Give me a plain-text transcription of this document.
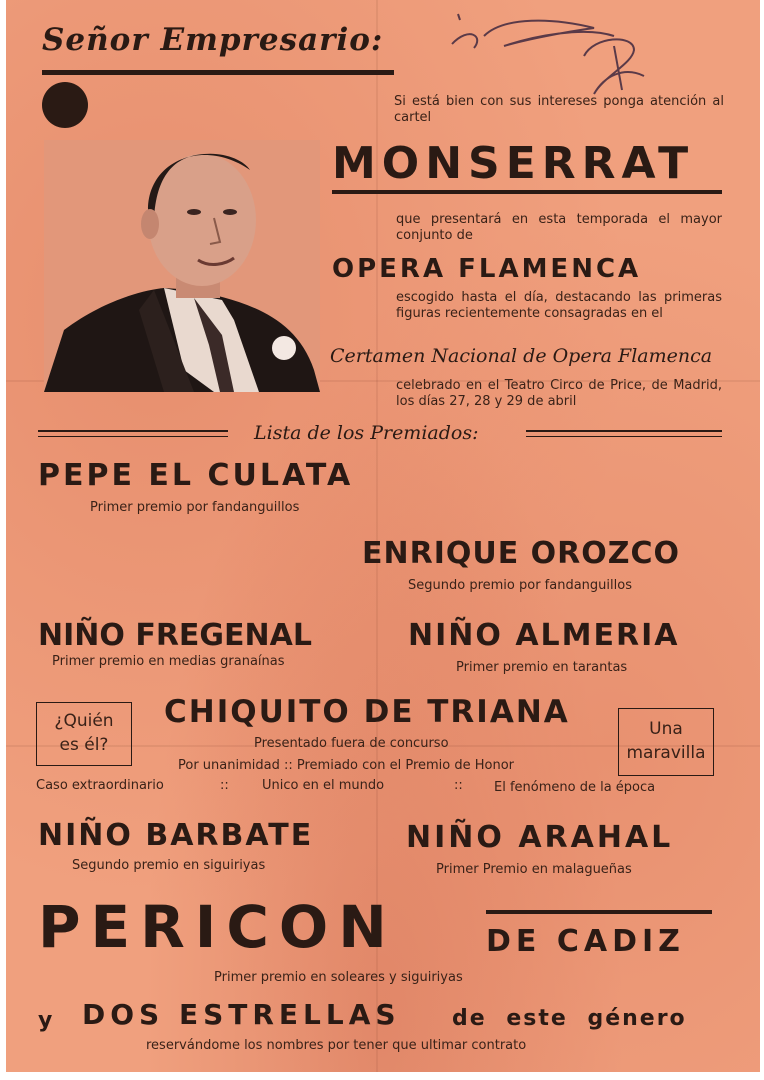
Señor Empresario:
Si está bien con sus intereses ponga atención al cartel
MONSERRAT
que presentará en esta temporada el mayor conjunto de
OPERA FLAMENCA
escogido hasta el día, destacando las primeras figuras recientemente consagradas en el
Certamen Nacional de Opera Flamenca
celebrado en el Teatro Circo de Price, de Madrid, los días 27, 28 y 29 de abril
Lista de los Premiados:
PEPE EL CULATA
Primer premio por fandanguillos
ENRIQUE OROZCO
Segundo premio por fandanguillos
NIÑO FREGENAL
Primer premio en medias granaínas
NIÑO ALMERIA
Primer premio en tarantas
¿Quién
es él?
CHIQUITO DE TRIANA
Presentado fuera de concurso
Por unanimidad :: Premiado con el Premio de Honor
Una
maravilla
Caso extraordinario	::	Unico en el mundo	:: El fenómeno de la época
NIÑO BARBATE
Segundo premio en siguiriyas
NIÑO ARAHAL
Primer Premio en malagueñas
PERICON	DE CADIZ
Primer premio en soleares y siguiriyas
y DOS ESTRELLAS de este género
reservándome los nombres por tener que ultimar contrato
